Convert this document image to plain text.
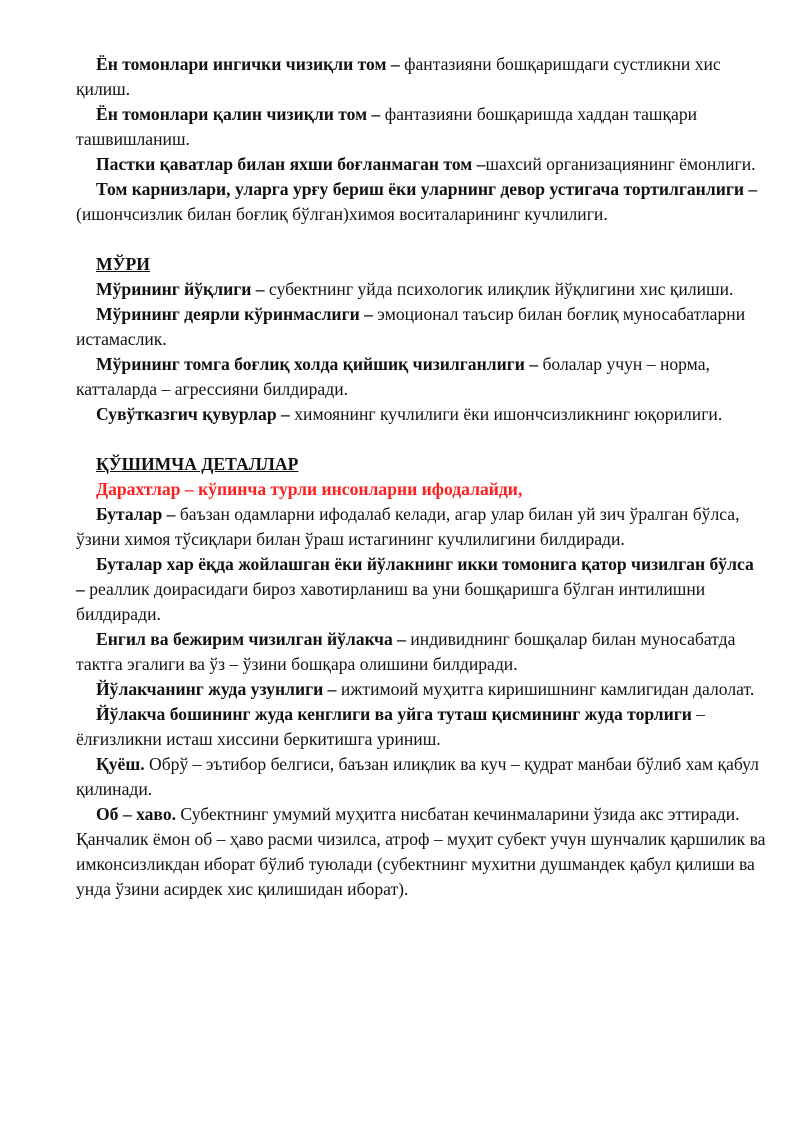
Ён томонлари ингички чизиқли том – фантазияни бошқаришдаги сустликни хис қилиш.

Ён томонлари қалин чизиқли том – фантазияни бошқаришда хаддан ташқари ташвишланиш.

Пастки қаватлар билан яхши боғланмаган том –шахсий организациянинг ёмонлиги.

Том карнизлари, уларга урғу бериш ёки уларнинг девор устигача тортилганлиги – (ишончсизлик билан боғлиқ бўлган)химоя воситаларининг кучлилиги.

МЎРИ

Мўрининг йўқлиги – субектнинг уйда психологик илиқлик йўқлигини хис қилиши.

Мўрининг деярли кўринмаслиги – эмоционал таъсир билан боғлиқ муносабатларни истамаслик.

Мўрининг томга боғлиқ холда қийшиқ чизилганлиги – болалар учун – норма, катталарда – агрессияни билдиради.

Сувўтказгич қувурлар – химоянинг кучлилиги ёки ишончсизликнинг юқорилиги.

ҚЎШИМЧА ДЕТАЛЛАР

Дарахтлар – кўпинча турли инсонларни ифодалайди,

Буталар – баъзан одамларни ифодалаб келади, агар улар билан уй зич ўралган бўлса, ўзини химоя тўсиқлари билан ўраш истагининг кучлилигини билдиради.

Буталар хар ёқда жойлашган ёки йўлакнинг икки томонига қатор чизилган бўлса – реаллик доирасидаги бироз хавотирланиш ва уни бошқаришга бўлган интилишни билдиради.

Енгил ва бежирим чизилган йўлакча – индивиднинг бошқалар билан муносабатда тактга эгалиги ва ўз – ўзини бошқара олишини билдиради.

Йўлакчанинг жуда узунлиги – ижтимоий муҳитга киришишнинг камлигидан далолат.

Йўлакча бошининг жуда кенглиги ва уйга туташ қисмининг жуда торлиги – ёлғизликни исташ хиссини беркитишга уриниш.

Қуёш. Обрў – эътибор белгиси, баъзан илиқлик ва куч – қудрат манбаи бўлиб хам қабул қилинади.

Об – хаво. Субектнинг умумий муҳитга нисбатан кечинмаларини ўзида акс эттиради. Қанчалик ёмон об – ҳаво расми чизилса, атроф – муҳит субект учун шунчалик қаршилик ва имконсизликдан иборат бўлиб туюлади (субектнинг мухитни душмандек қабул қилиши ва унда ўзини асирдек хис қилишидан иборат).
